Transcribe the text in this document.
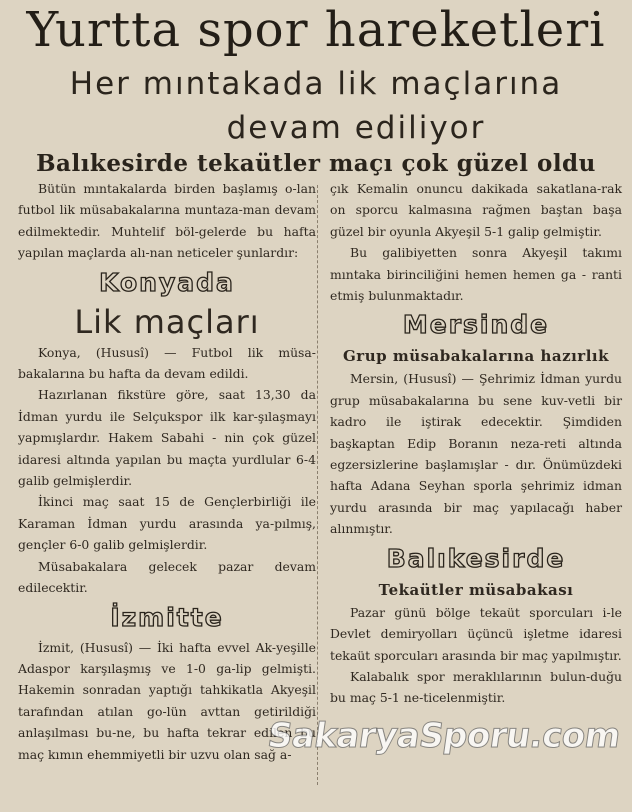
Yurtta spor hareketleri
Her mıntakada lik maçlarına
devam ediliyor
Balıkesirde tekaütler maçı çok güzel oldu

Bütün mıntakalarda birden başlamış o-lan futbol lik müsabakalarına muntaza-man devam edilmektedir. Muhtelif böl-gelerde bu hafta yapılan maçlarda alı-nan neticeler şunlardır:

Konyada
Lik maçları

Konya, (Hususî) — Futbol lik müsa-bakalarına bu hafta da devam edildi.

Hazırlanan fikstüre göre, saat 13,30 da İdman yurdu ile Selçukspor ilk kar-şılaşmayı yapmışlardır. Hakem Sabahi - nin çok güzel idaresi altında yapılan bu maçta yurdlular 6-4 galib gelmişlerdir.

İkinci maç saat 15 de Gençlerbirliği ile Karaman İdman yurdu arasında ya-pılmış, gençler 6-0 galib gelmişlerdir.

Müsabakalara gelecek pazar devam edilecektir.

İzmitte

İzmit, (Hususî) — İki hafta evvel Ak-yeşille Adaspor karşılaşmış ve 1-0 ga-lip gelmişti. Hakemin sonradan yaptığı tahkikatla Akyeşil tarafından atılan go-lün avttan getirildiği anlaşılması bu-ne, bu hafta tekrar edilen bu maç kımın ehemmiyetli bir uzvu olan sağ a-

çık Kemalin onuncu dakikada sakatlana-rak on sporcu kalmasına rağmen baştan başa güzel bir oyunla Akyeşil 5-1 galip gelmiştir.

Bu galibiyetten sonra Akyeşil takımı mıntaka birinciliğini hemen hemen ga - ranti etmiş bulunmaktadır.

Mersinde
Grup müsabakalarına hazırlık

Mersin, (Hususî) — Şehrimiz İdman yurdu grup müsabakalarına bu sene kuv-vetli bir kadro ile iştirak edecektir. Şimdiden başkaptan Edip Boranın neza-reti altında egzersizlerine başlamışlar - dır. Önümüzdeki hafta Adana Seyhan sporla şehrimiz idman yurdu arasında bir maç yapılacağı haber alınmıştır.

Balıkesirde
Tekaütler müsabakası

Pazar günü bölge tekaüt sporcuları i-le Devlet demiryolları üçüncü işletme idaresi tekaüt sporcuları arasında bir maç yapılmıştır.

Kalabalık spor meraklılarının bulun-duğu bu maç 5-1 ne-ticelenmiştir.

SakaryaSporu.com
